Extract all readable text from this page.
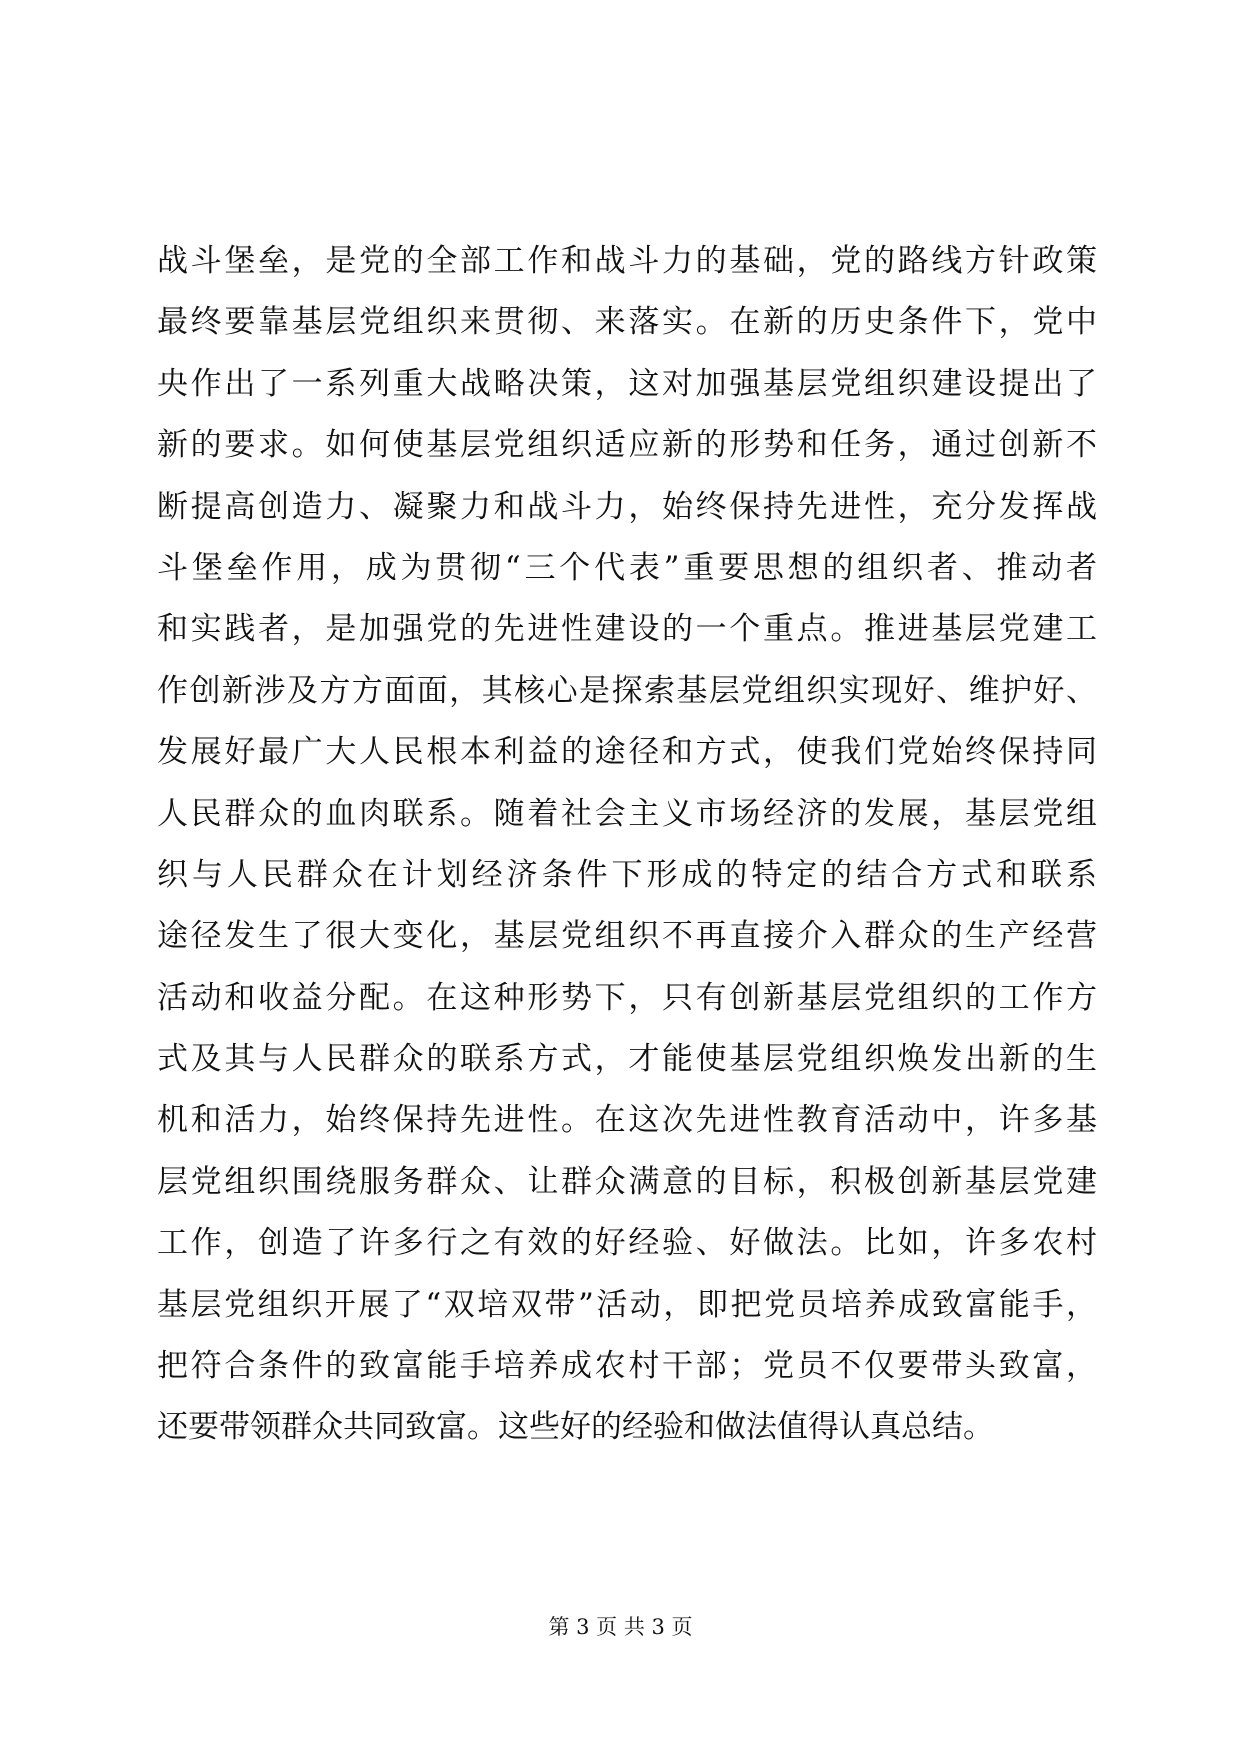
战斗堡垒，是党的全部工作和战斗力的基础，党的路线方针政策
最终要靠基层党组织来贯彻、来落实。在新的历史条件下，党中
央作出了一系列重大战略决策，这对加强基层党组织建设提出了
新的要求。如何使基层党组织适应新的形势和任务，通过创新不
断提高创造力、凝聚力和战斗力，始终保持先进性，充分发挥战
斗堡垒作用，成为贯彻“三个代表”重要思想的组织者、推动者
和实践者，是加强党的先进性建设的一个重点。推进基层党建工
作创新涉及方方面面，其核心是探索基层党组织实现好、维护好、
发展好最广大人民根本利益的途径和方式，使我们党始终保持同
人民群众的血肉联系。随着社会主义市场经济的发展，基层党组
织与人民群众在计划经济条件下形成的特定的结合方式和联系
途径发生了很大变化，基层党组织不再直接介入群众的生产经营
活动和收益分配。在这种形势下，只有创新基层党组织的工作方
式及其与人民群众的联系方式，才能使基层党组织焕发出新的生
机和活力，始终保持先进性。在这次先进性教育活动中，许多基
层党组织围绕服务群众、让群众满意的目标，积极创新基层党建
工作，创造了许多行之有效的好经验、好做法。比如，许多农村
基层党组织开展了“双培双带”活动，即把党员培养成致富能手，
把符合条件的致富能手培养成农村干部；党员不仅要带头致富，
还要带领群众共同致富。这些好的经验和做法值得认真总结。
第 3 页 共 3 页
